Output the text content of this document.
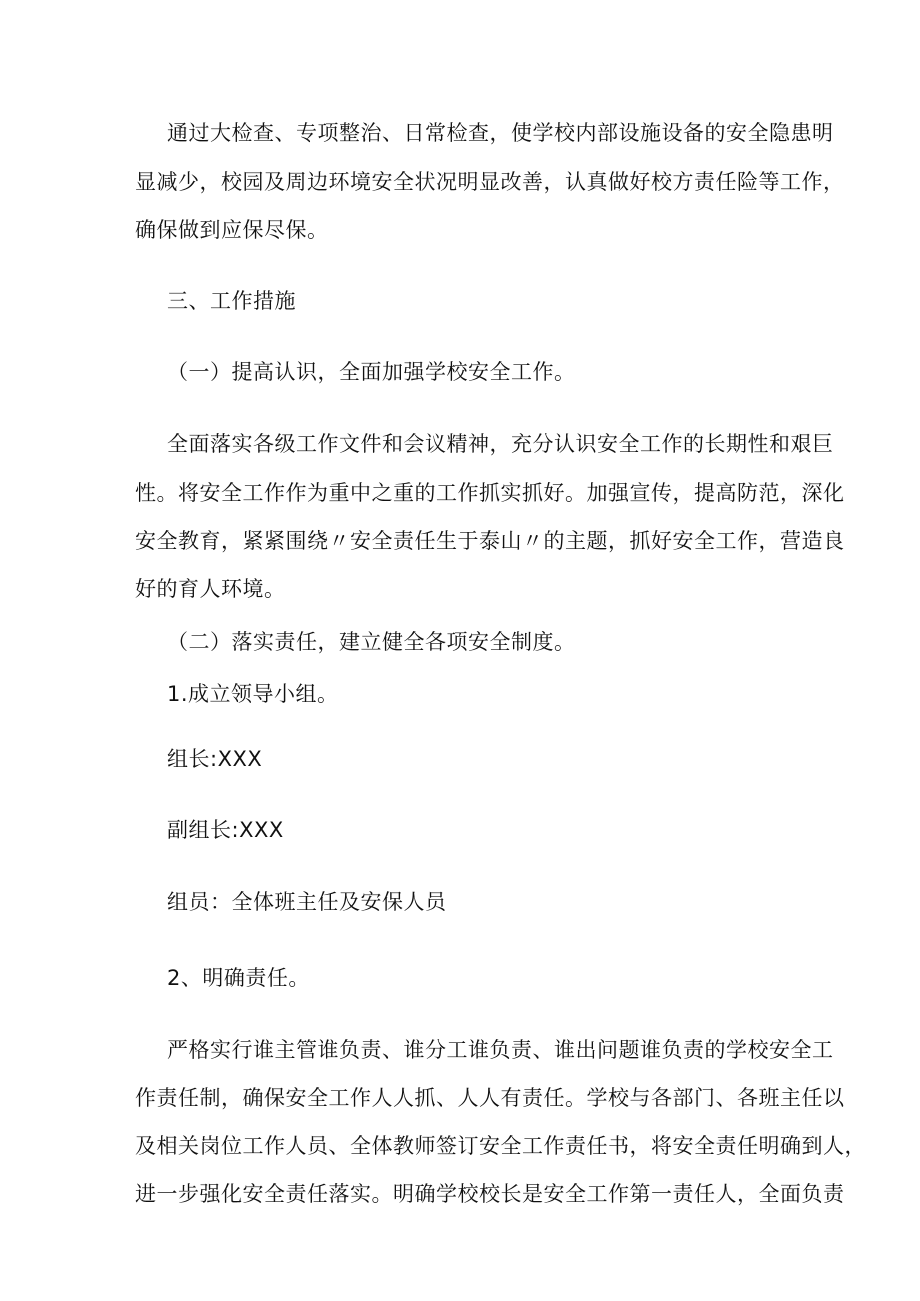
通过大检查、专项整治、日常检查，使学校内部设施设备的安全隐患明
显减少，校园及周边环境安全状况明显改善，认真做好校方责任险等工作，
确保做到应保尽保。
三、工作措施
（一）提高认识，全面加强学校安全工作。
全面落实各级工作文件和会议精神，充分认识安全工作的长期性和艰巨
性。将安全工作作为重中之重的工作抓实抓好。加强宣传，提高防范，深化
安全教育，紧紧围绕〃安全责任生于泰山〃的主题，抓好安全工作，营造良
好的育人环境。
（二）落实责任，建立健全各项安全制度。
1.成立领导小组。
组长:XXX
副组长:XXX
组员：全体班主任及安保人员
2、明确责任。
严格实行谁主管谁负责、谁分工谁负责、谁出问题谁负责的学校安全工
作责任制，确保安全工作人人抓、人人有责任。学校与各部门、各班主任以
及相关岗位工作人员、全体教师签订安全工作责任书，将安全责任明确到人，
进一步强化安全责任落实。明确学校校长是安全工作第一责任人，全面负责
